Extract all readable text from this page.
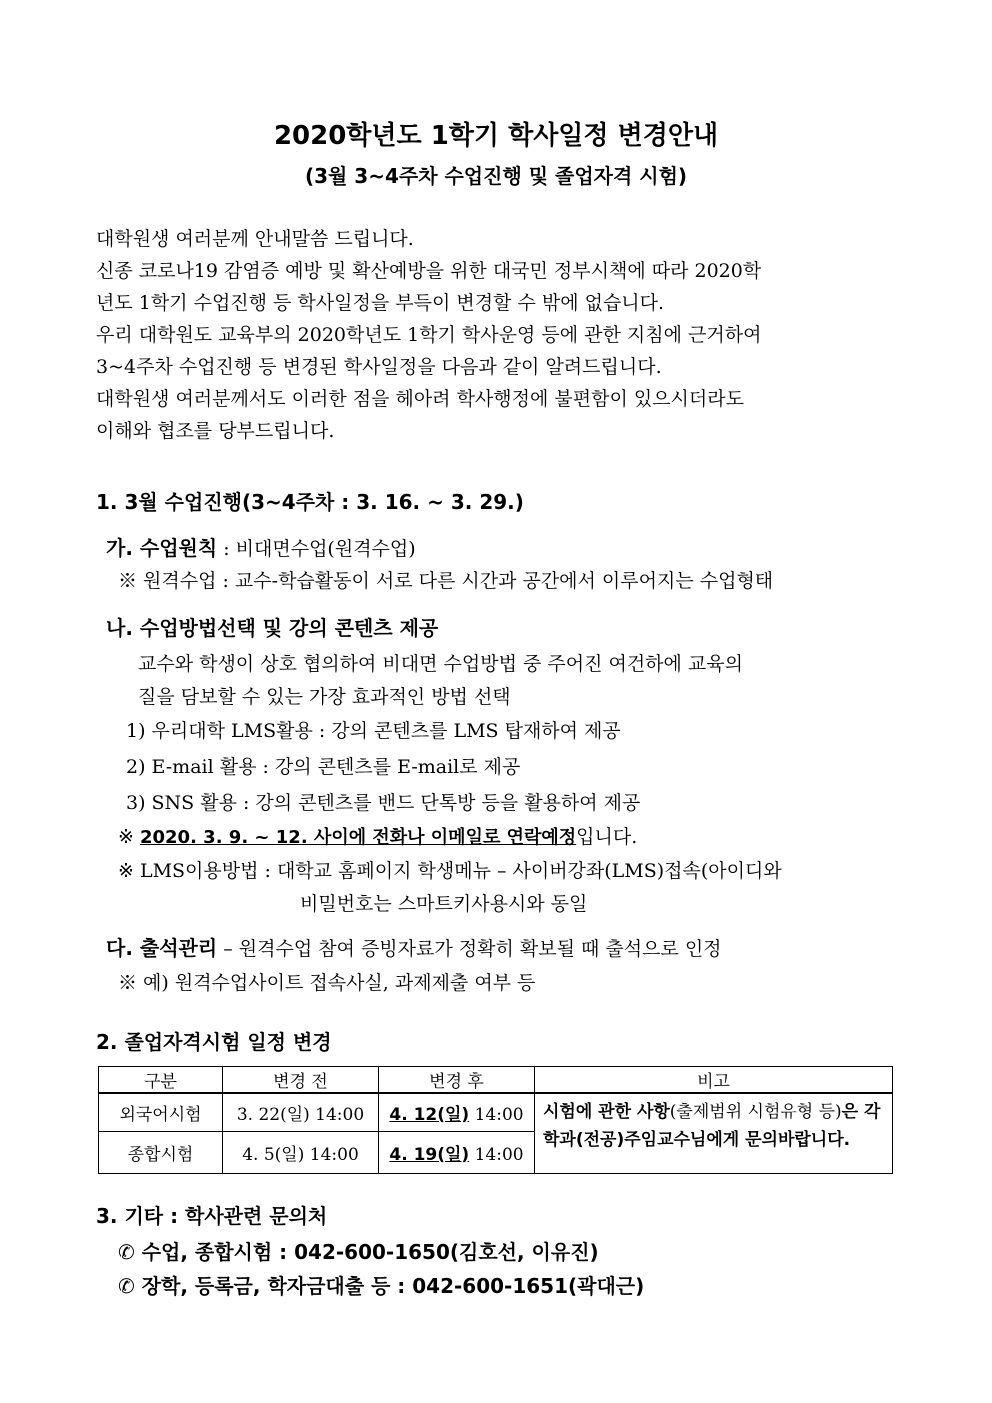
2020학년도 1학기 학사일정 변경안내
(3월 3~4주차 수업진행 및 졸업자격 시험)
대학원생 여러분께 안내말씀 드립니다.
신종 코로나19 감염증 예방 및 확산예방을 위한 대국민 정부시책에 따라 2020학
년도 1학기 수업진행 등 학사일정을 부득이 변경할 수 밖에 없습니다.
우리 대학원도 교육부의 2020학년도 1학기 학사운영 등에 관한 지침에 근거하여
3~4주차 수업진행 등 변경된 학사일정을 다음과 같이 알려드립니다.
대학원생 여러분께서도 이러한 점을 헤아려 학사행정에 불편함이 있으시더라도
이해와 협조를 당부드립니다.
1. 3월 수업진행(3~4주차 : 3. 16. ~ 3. 29.)
가. 수업원칙 : 비대면수업(원격수업)
※ 원격수업 : 교수-학습활동이 서로 다른 시간과 공간에서 이루어지는 수업형태
나. 수업방법선택 및 강의 콘텐츠 제공
교수와 학생이 상호 협의하여 비대면 수업방법 중 주어진 여건하에 교육의
질을 담보할 수 있는 가장 효과적인 방법 선택
1) 우리대학 LMS활용 : 강의 콘텐츠를 LMS 탑재하여 제공
2) E-mail 활용 : 강의 콘텐츠를 E-mail로 제공
3) SNS 활용 : 강의 콘텐츠를 밴드 단톡방 등을 활용하여 제공
※ 2020. 3. 9. ~ 12. 사이에 전화나 이메일로 연락예정입니다.
※ LMS이용방법 : 대학교 홈페이지 학생메뉴 – 사이버강좌(LMS)접속(아이디와
비밀번호는 스마트키사용시와 동일
다. 출석관리 – 원격수업 참여 증빙자료가 정확히 확보될 때 출석으로 인정
※ 예) 원격수업사이트 접속사실, 과제제출 여부 등
2. 졸업자격시험 일정 변경
구분	변경 전	변경 후	비고
외국어시험	3. 22(일) 14:00	4. 12(일) 14:00	시험에 관한 사항(출제범위 시험유형 등)은 각 학과(전공)주임교수님에게 문의바랍니다.
종합시험	4. 5(일) 14:00	4. 19(일) 14:00	
3. 기타 : 학사관련 문의처
✆ 수업, 종합시험 : 042-600-1650(김호선, 이유진)
✆ 장학, 등록금, 학자금대출 등 : 042-600-1651(곽대근)
